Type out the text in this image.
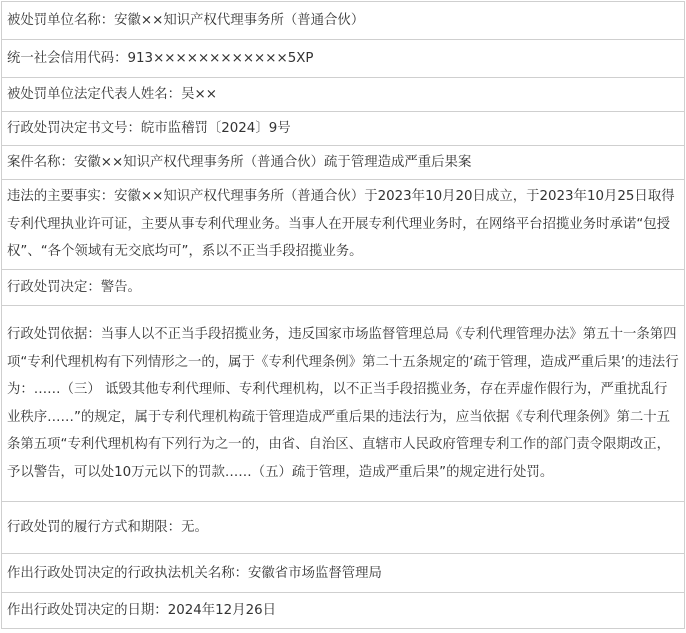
被处罚单位名称：安徽××知识产权代理事务所（普通合伙）
统一社会信用代码：913××××××××××××5XP
被处罚单位法定代表人姓名：吴××
行政处罚决定书文号：皖市监稽罚〔2024〕9号
案件名称：安徽××知识产权代理事务所（普通合伙）疏于管理造成严重后果案
违法的主要事实：安徽××知识产权代理事务所（普通合伙）于2023年10月20日成立，于2023年10月25日取得专利代理执业许可证，主要从事专利代理业务。当事人在开展专利代理业务时，在网络平台招揽业务时承诺“包授权”、“各个领域有无交底均可”，系以不正当手段招揽业务。
行政处罚决定：警告。
行政处罚依据：当事人以不正当手段招揽业务，违反国家市场监督管理总局《专利代理管理办法》第五十一条第四项“专利代理机构有下列情形之一的，属于《专利代理条例》第二十五条规定的‘疏于管理，造成严重后果’的违法行为：……（三） 诋毁其他专利代理师、专利代理机构，以不正当手段招揽业务，存在弄虚作假行为，严重扰乱行业秩序……”的规定，属于专利代理机构疏于管理造成严重后果的违法行为，应当依据《专利代理条例》第二十五条第五项“专利代理机构有下列行为之一的，由省、自治区、直辖市人民政府管理专利工作的部门责令限期改正，予以警告，可以处10万元以下的罚款……（五）疏于管理，造成严重后果”的规定进行处罚。
行政处罚的履行方式和期限：无。
作出行政处罚决定的行政执法机关名称：安徽省市场监督管理局
作出行政处罚决定的日期：2024年12月26日
